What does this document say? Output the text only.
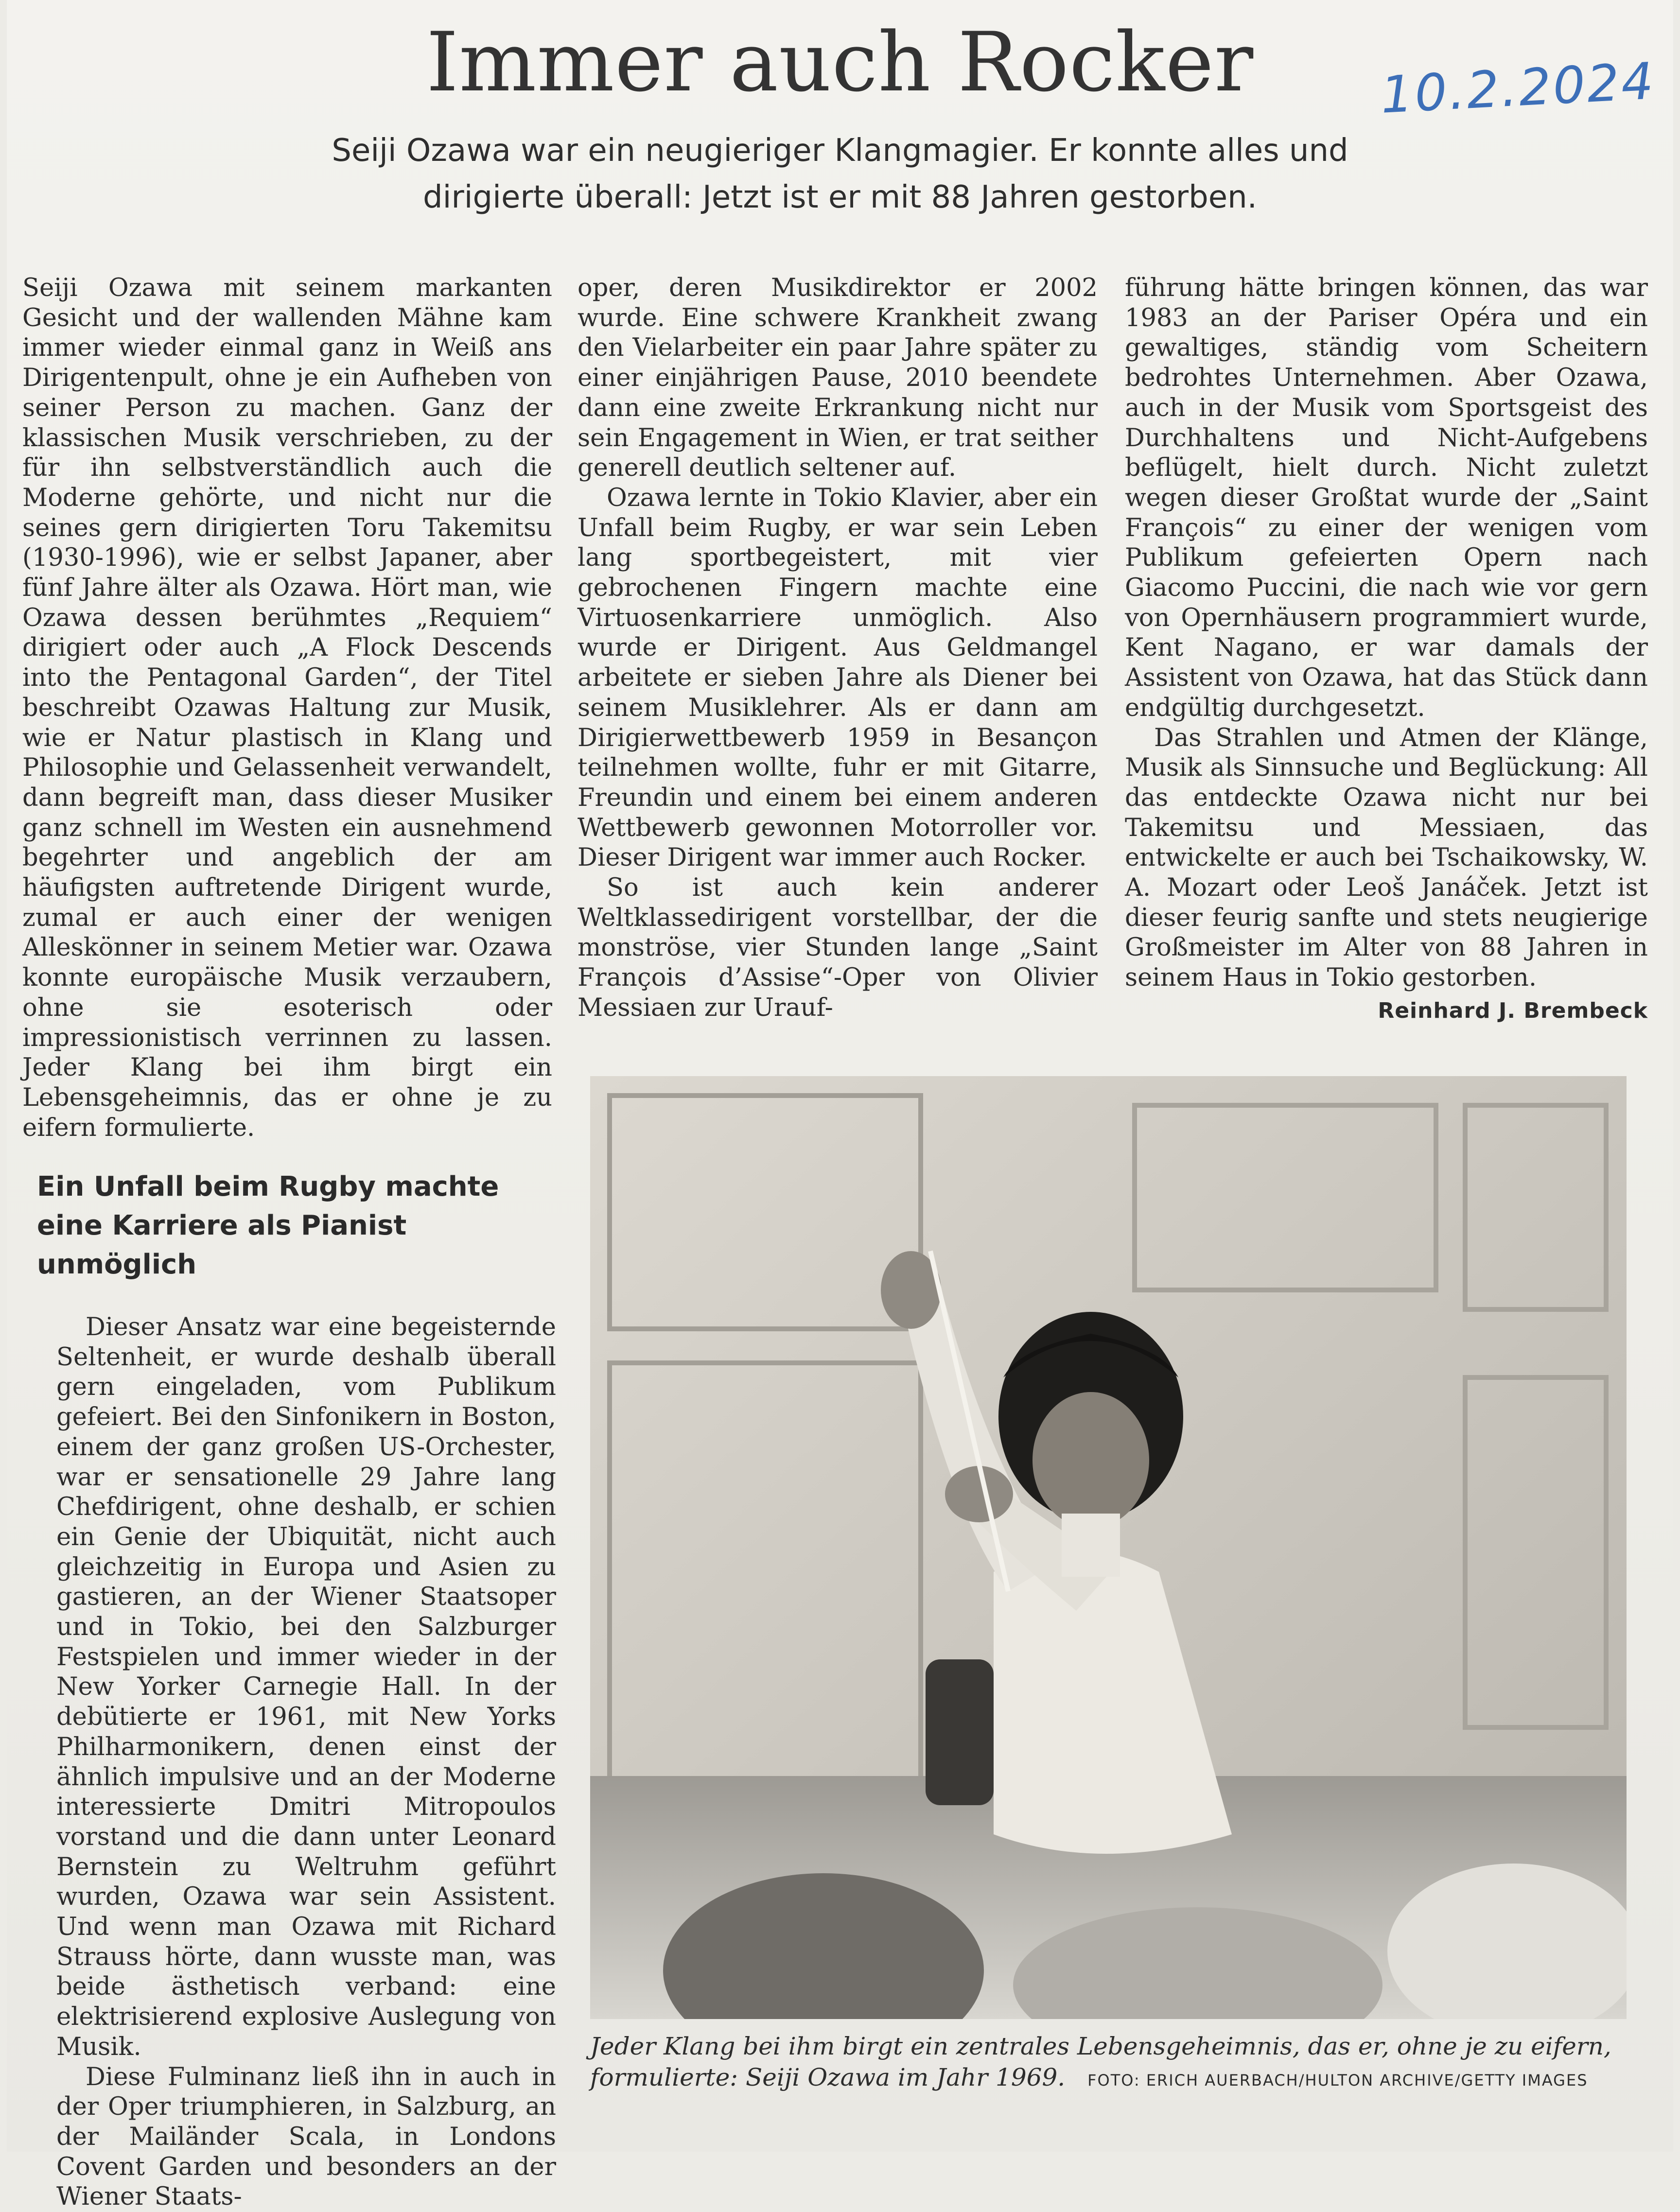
Immer auch Rocker	10.2.2024
Seiji Ozawa war ein neugieriger Klangmagier. Er konnte alles und
dirigierte überall: Jetzt ist er mit 88 Jahren gestorben.

Seiji Ozawa mit seinem markanten Gesicht und der wallenden Mähne kam immer wieder einmal ganz in Weiß ans Dirigentenpult, ohne je ein Aufheben von seiner Person zu machen. Ganz der klassischen Musik verschrieben, zu der für ihn selbstverständlich auch die Moderne gehörte, und nicht nur die seines gern dirigierten Toru Takemitsu (1930-1996), wie er selbst Japaner, aber fünf Jahre älter als Ozawa. Hört man, wie Ozawa dessen berühmtes „Requiem“ dirigiert oder auch „A Flock Descends into the Pentagonal Garden“, der Titel beschreibt Ozawas Haltung zur Musik, wie er Natur plastisch in Klang und Philosophie und Gelassenheit verwandelt, dann begreift man, dass dieser Musiker ganz schnell im Westen ein ausnehmend begehrter und angeblich der am häufigsten auftretende Dirigent wurde, zumal er auch einer der wenigen Alleskönner in seinem Metier war. Ozawa konnte europäische Musik verzaubern, ohne sie esoterisch oder impressionistisch verrinnen zu lassen. Jeder Klang bei ihm birgt ein Lebensgeheimnis, das er ohne je zu eifern formulierte.

Ein Unfall beim Rugby machte eine Karriere als Pianist unmöglich

Dieser Ansatz war eine begeisternde Seltenheit, er wurde deshalb überall gern eingeladen, vom Publikum gefeiert. Bei den Sinfonikern in Boston, einem der ganz großen US-Orchester, war er sensationelle 29 Jahre lang Chefdirigent, ohne deshalb, er schien ein Genie der Ubiquität, nicht auch gleichzeitig in Europa und Asien zu gastieren, an der Wiener Staatsoper und in Tokio, bei den Salzburger Festspielen und immer wieder in der New Yorker Carnegie Hall. In der debütierte er 1961, mit New Yorks Philharmonikern, denen einst der ähnlich impulsive und an der Moderne interessierte Dmitri Mitropoulos vorstand und die dann unter Leonard Bernstein zu Weltruhm geführt wurden, Ozawa war sein Assistent. Und wenn man Ozawa mit Richard Strauss hörte, dann wusste man, was beide ästhetisch verband: eine elektrisierend explosive Auslegung von Musik.

Diese Fulminanz ließ ihn in auch in der Oper triumphieren, in Salzburg, an der Mailänder Scala, in Londons Covent Garden und besonders an der Wiener Staats-

oper, deren Musikdirektor er 2002 wurde. Eine schwere Krankheit zwang den Vielarbeiter ein paar Jahre später zu einer einjährigen Pause, 2010 beendete dann eine zweite Erkrankung nicht nur sein Engagement in Wien, er trat seither generell deutlich seltener auf.

Ozawa lernte in Tokio Klavier, aber ein Unfall beim Rugby, er war sein Leben lang sportbegeistert, mit vier gebrochenen Fingern machte eine Virtuosenkarriere unmöglich. Also wurde er Dirigent. Aus Geldmangel arbeitete er sieben Jahre als Diener bei seinem Musiklehrer. Als er dann am Dirigierwettbewerb 1959 in Besançon teilnehmen wollte, fuhr er mit Gitarre, Freundin und einem bei einem anderen Wettbewerb gewonnen Motorroller vor. Dieser Dirigent war immer auch Rocker.

So ist auch kein anderer Weltklassedirigent vorstellbar, der die monströse, vier Stunden lange „Saint François d’Assise“-Oper von Olivier Messiaen zur Urauf-

führung hätte bringen können, das war 1983 an der Pariser Opéra und ein gewaltiges, ständig vom Scheitern bedrohtes Unternehmen. Aber Ozawa, auch in der Musik vom Sportsgeist des Durchhaltens und Nicht-Aufgebens beflügelt, hielt durch. Nicht zuletzt wegen dieser Großtat wurde der „Saint François“ zu einer der wenigen vom Publikum gefeierten Opern nach Giacomo Puccini, die nach wie vor gern von Opernhäusern programmiert wurde, Kent Nagano, er war damals der Assistent von Ozawa, hat das Stück dann endgültig durchgesetzt.

Das Strahlen und Atmen der Klänge, Musik als Sinnsuche und Beglückung: All das entdeckte Ozawa nicht nur bei Takemitsu und Messiaen, das entwickelte er auch bei Tschaikowsky, W. A. Mozart oder Leoš Janáček. Jetzt ist dieser feurig sanfte und stets neugierige Großmeister im Alter von 88 Jahren in seinem Haus in Tokio gestorben.
Reinhard J. Brembeck

Jeder Klang bei ihm birgt ein zentrales Lebensgeheimnis, das er, ohne je zu eifern, formulierte: Seiji Ozawa im Jahr 1969. FOTO: ERICH AUERBACH/HULTON ARCHIVE/GETTY IMAGES
